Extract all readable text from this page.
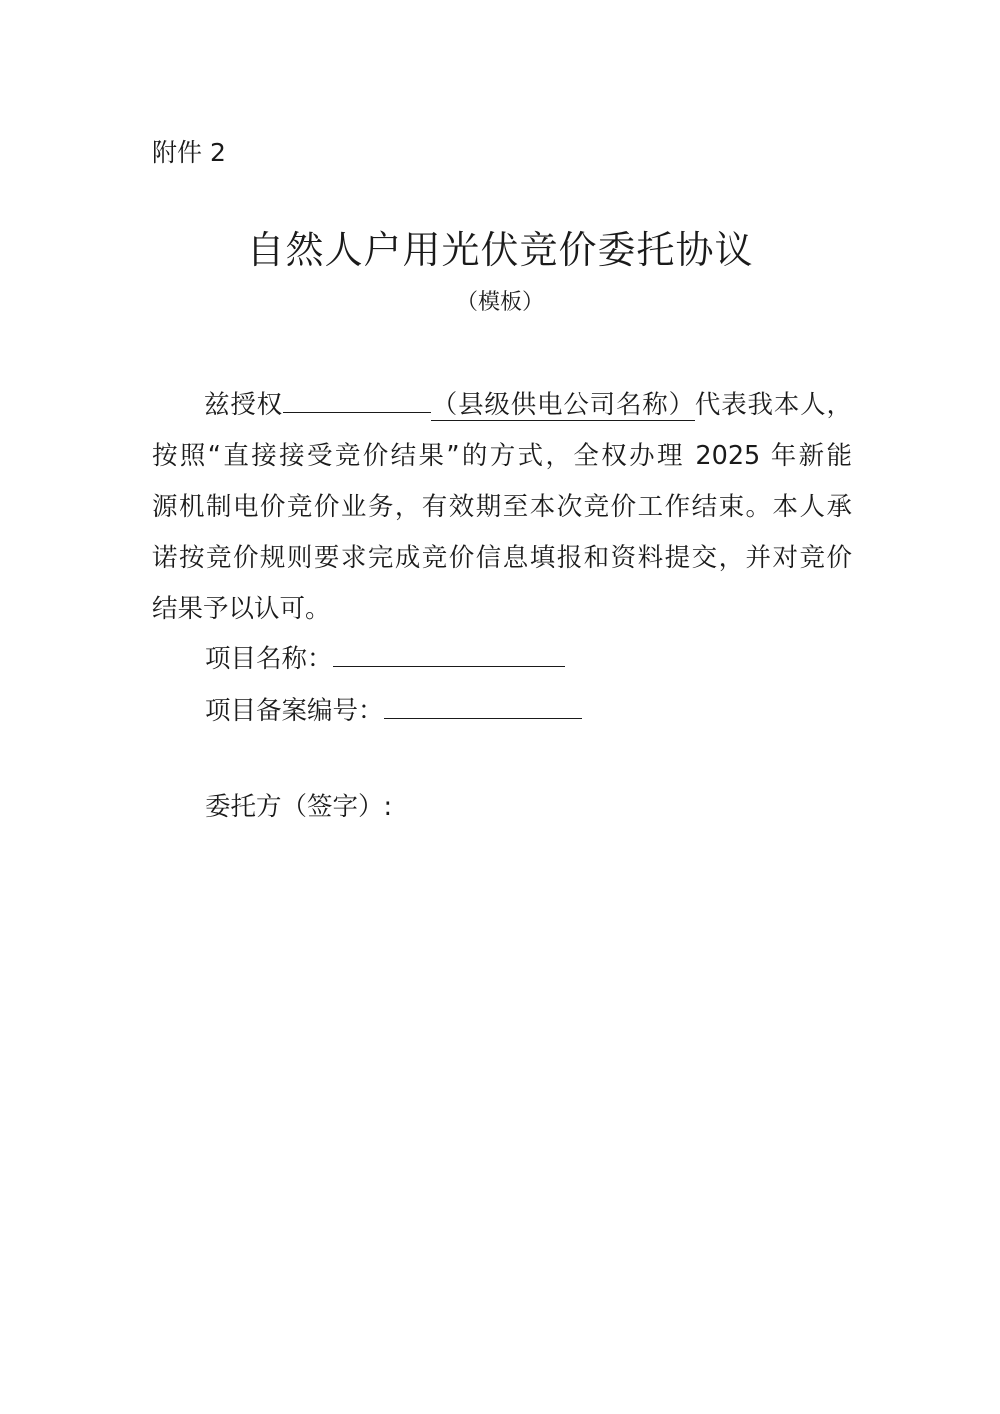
附件 2
自然人户用光伏竞价委托协议
（模板）

兹授权	（县级供电公司名称）代表我本人，
按照“直接接受竞价结果”的方式，全权办理 2025 年新能
源机制电价竞价业务，有效期至本次竞价工作结束。本人承
诺按竞价规则要求完成竞价信息填报和资料提交，并对竞价
结果予以认可。

项目名称：
项目备案编号：
委托方（签字）:
